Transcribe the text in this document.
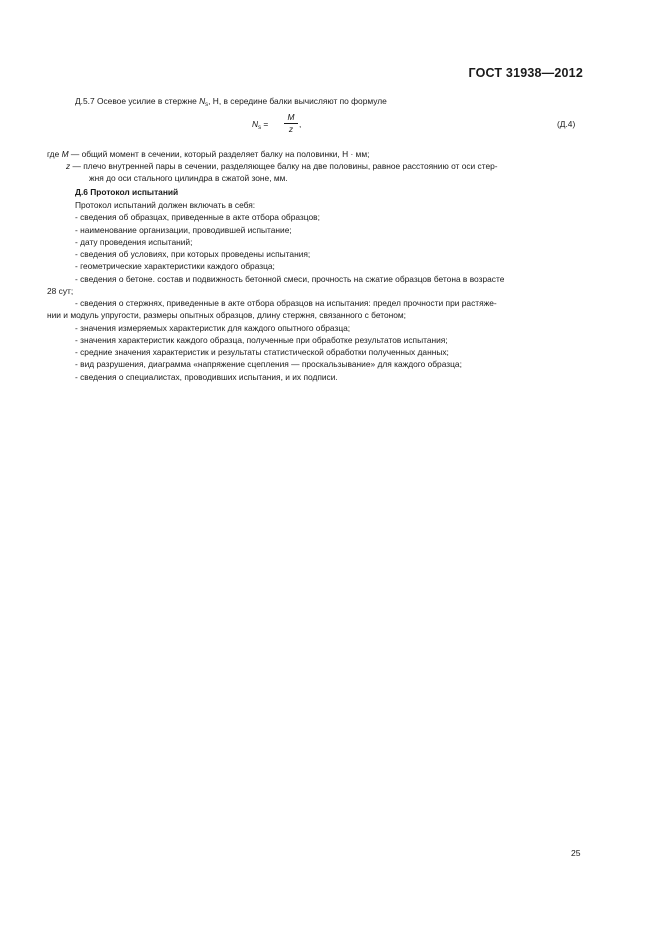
ГОСТ 31938—2012
Д.5.7 Осевое усилие в стержне $N_s$, Н, в середине балки вычисляют по формуле
где M — общий момент в сечении, который разделяет балку на половинки, Н · мм;
z — плечо внутренней пары в сечении, разделяющее балку на две половины, равное расстоянию от оси стер-
жня до оси стального цилиндра в сжатой зоне, мм.
Д.6 Протокол испытаний
Протокол испытаний должен включать в себя:
- сведения об образцах, приведенные в акте отбора образцов;
- наименование организации, проводившей испытание;
- дату проведения испытаний;
- сведения об условиях, при которых проведены испытания;
- геометрические характеристики каждого образца;
- сведения о бетоне. состав и подвижность бетонной смеси, прочность на сжатие образцов бетона в возрасте
28 сут;
- сведения о стержнях, приведенные в акте отбора образцов на испытания: предел прочности при растяже-
нии и модуль упругости, размеры опытных образцов, длину стержня, связанного с бетоном;
- значения измеряемых характеристик для каждого опытного образца;
- значения характеристик каждого образца, полученные при обработке результатов испытания;
- средние значения характеристик и результаты статистической обработки полученных данных;
- вид разрушения, диаграмма «напряжение сцепления — проскальзывание» для каждого образца;
- сведения о специалистах, проводивших испытания, и их подписи.
$N_s$ =
M
z ,	(Д.4)
25
